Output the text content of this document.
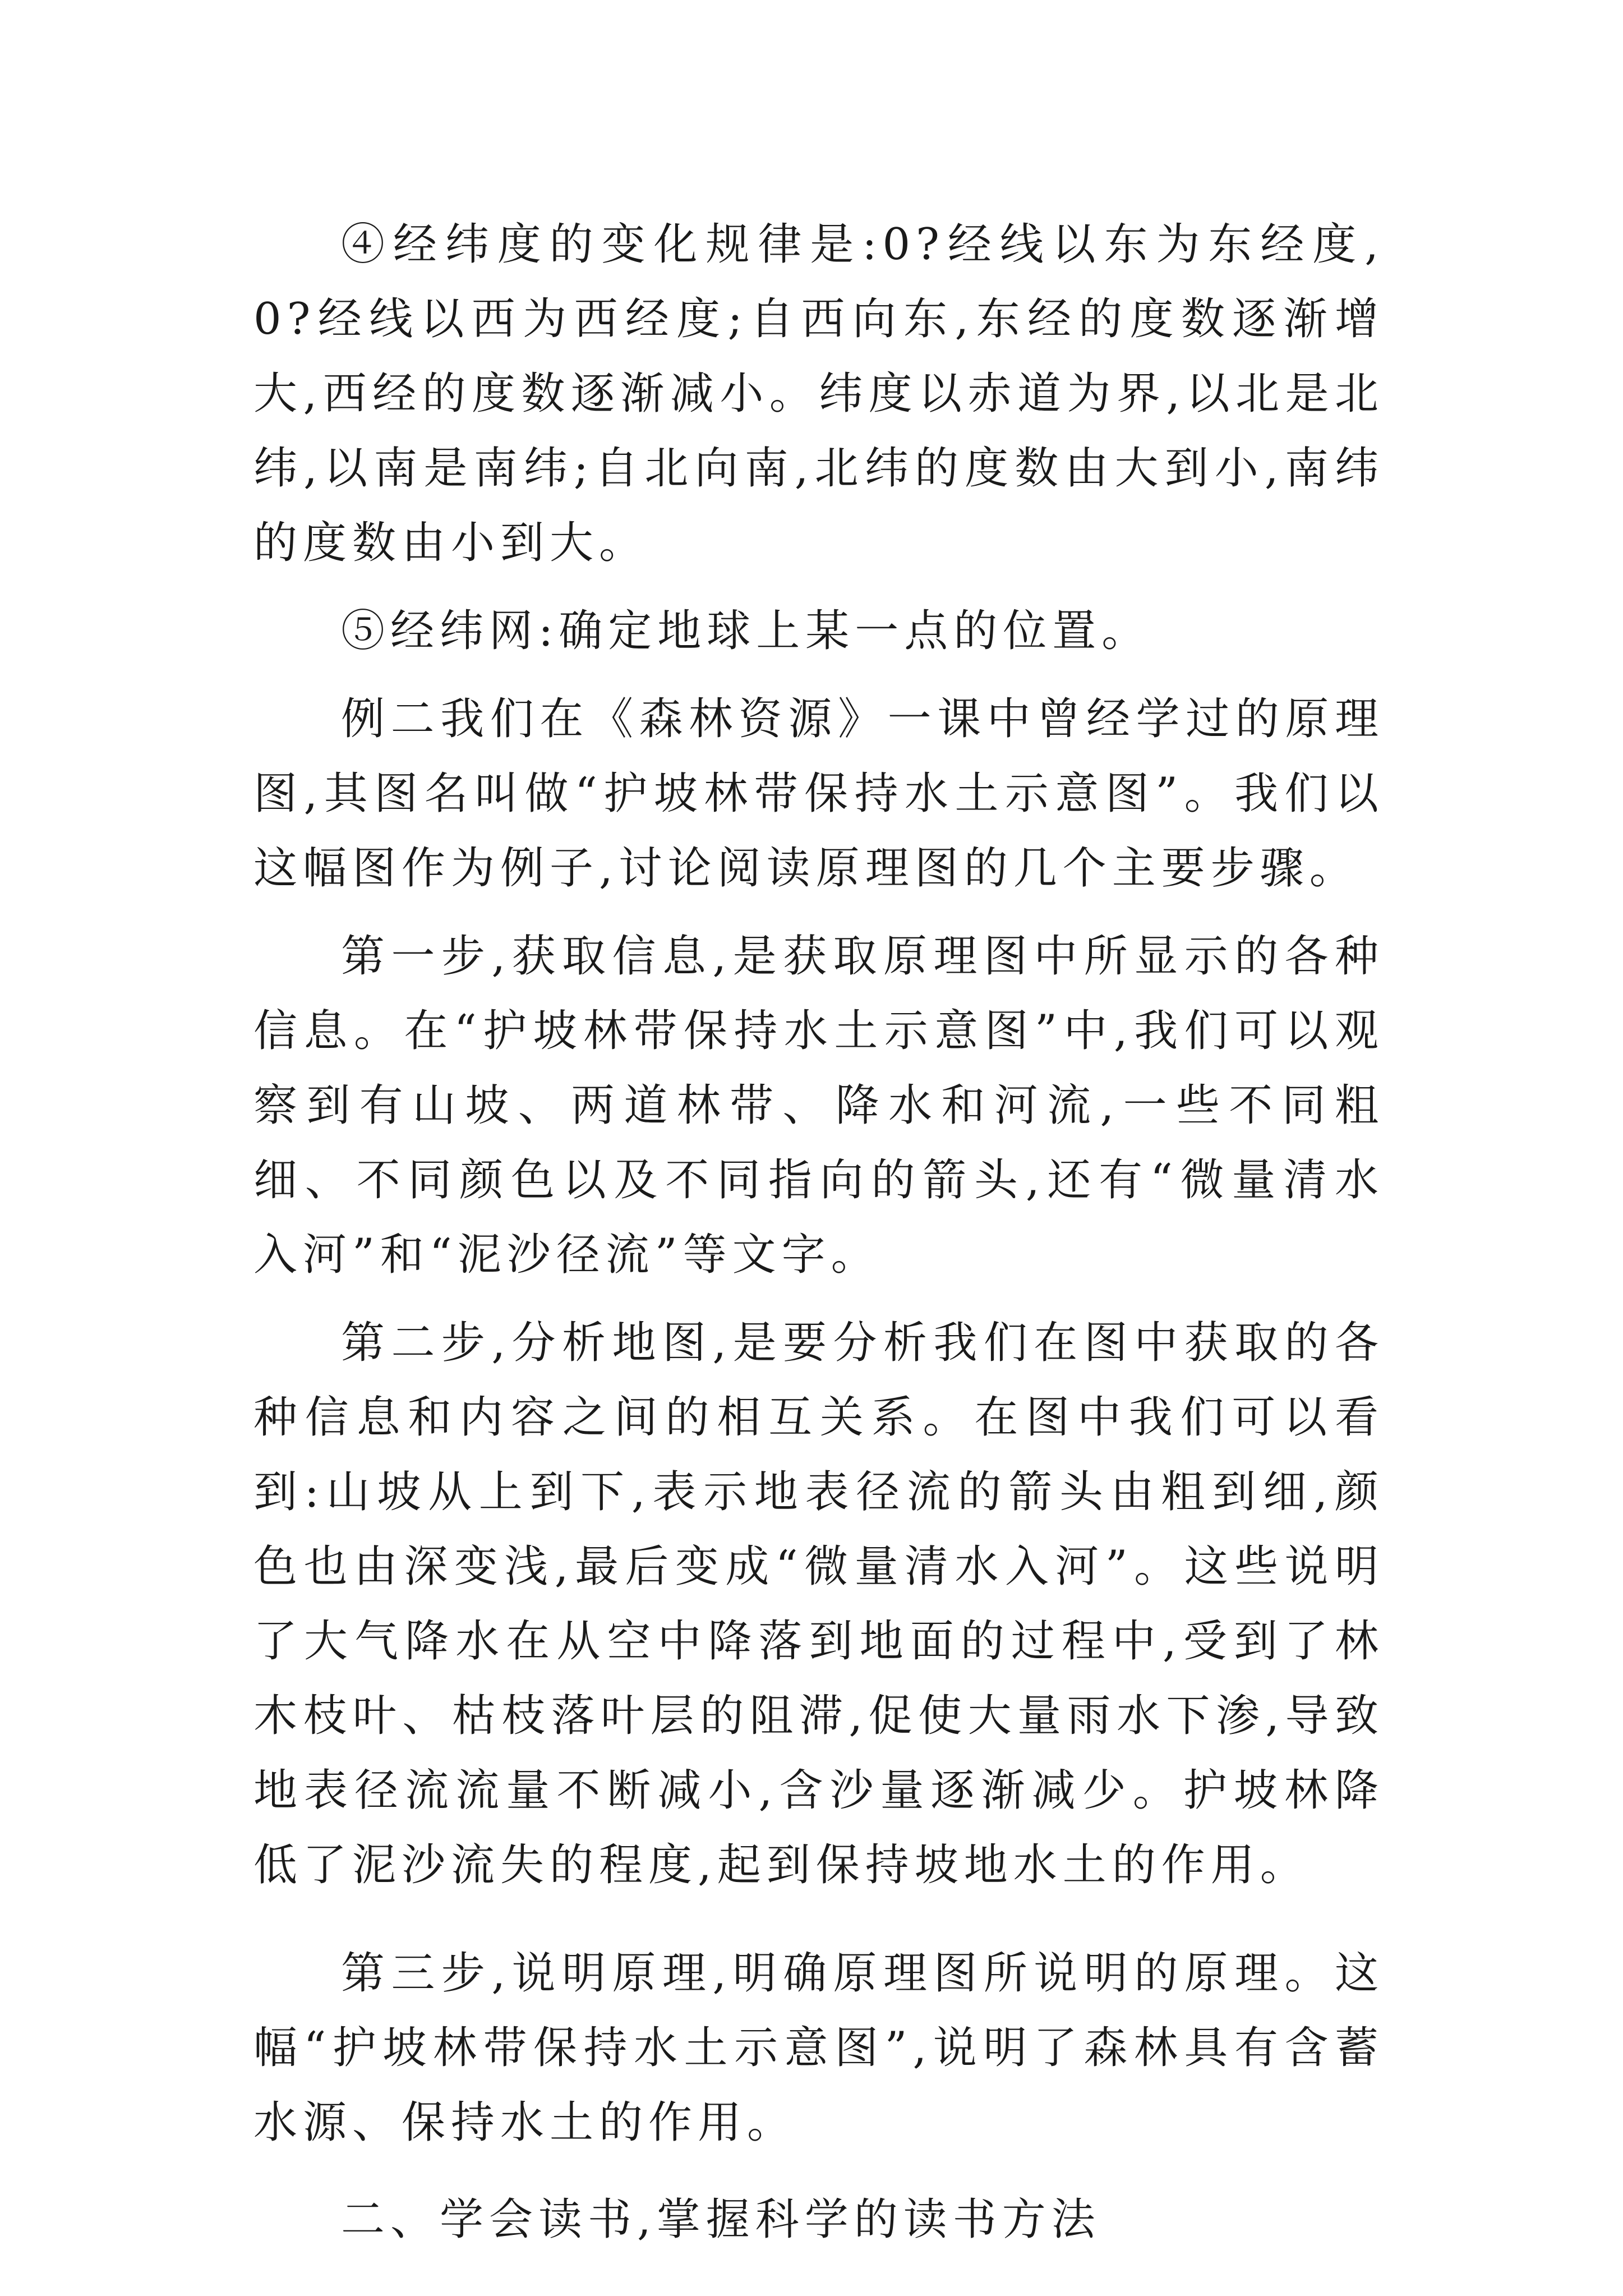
④经纬度的变化规律是:0?经线以东为东经度,0?经线以西为西经度;自西向东,东经的度数逐渐增大,西经的度数逐渐减小。纬度以赤道为界,以北是北纬,以南是南纬;自北向南,北纬的度数由大到小,南纬的度数由小到大。

⑤经纬网:确定地球上某一点的位置。

例二我们在《森林资源》一课中曾经学过的原理图,其图名叫做“护坡林带保持水土示意图”。我们以这幅图作为例子,讨论阅读原理图的几个主要步骤。

第一步,获取信息,是获取原理图中所显示的各种信息。在“护坡林带保持水土示意图”中,我们可以观察到有山坡、两道林带、降水和河流,一些不同粗细、不同颜色以及不同指向的箭头,还有“微量清水入河”和“泥沙径流”等文字。

第二步,分析地图,是要分析我们在图中获取的各种信息和内容之间的相互关系。在图中我们可以看到:山坡从上到下,表示地表径流的箭头由粗到细,颜色也由深变浅,最后变成“微量清水入河”。这些说明了大气降水在从空中降落到地面的过程中,受到了林木枝叶、枯枝落叶层的阻滞,促使大量雨水下渗,导致地表径流流量不断减小,含沙量逐渐减少。护坡林降低了泥沙流失的程度,起到保持坡地水土的作用。

第三步,说明原理,明确原理图所说明的原理。这幅“护坡林带保持水土示意图”,说明了森林具有含蓄水源、保持水土的作用。

二、学会读书,掌握科学的读书方法
